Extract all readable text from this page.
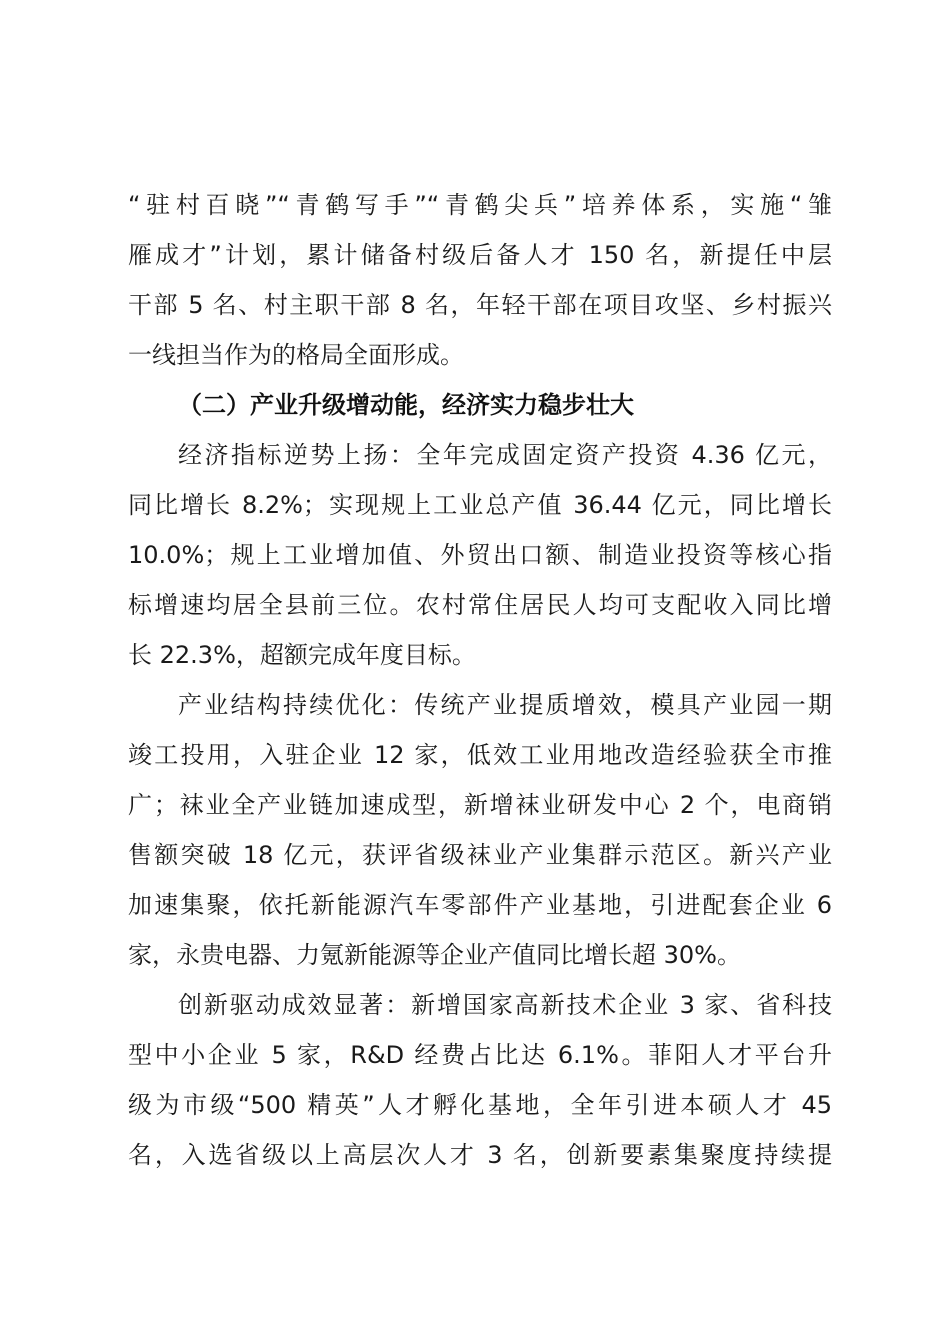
“驻村百晓”“青鹤写手”“青鹤尖兵”培养体系，实施“雏
雁成才”计划，累计储备村级后备人才 150 名，新提任中层
干部 5 名、村主职干部 8 名，年轻干部在项目攻坚、乡村振兴
一线担当作为的格局全面形成。
（二）产业升级增动能，经济实力稳步壮大
经济指标逆势上扬：全年完成固定资产投资 4.36 亿元，
同比增长 8.2%；实现规上工业总产值 36.44 亿元，同比增长
10.0%；规上工业增加值、外贸出口额、制造业投资等核心指
标增速均居全县前三位。农村常住居民人均可支配收入同比增
长 22.3%，超额完成年度目标。
产业结构持续优化：传统产业提质增效，模具产业园一期
竣工投用，入驻企业 12 家，低效工业用地改造经验获全市推
广；袜业全产业链加速成型，新增袜业研发中心 2 个，电商销
售额突破 18 亿元，获评省级袜业产业集群示范区。新兴产业
加速集聚，依托新能源汽车零部件产业基地，引进配套企业 6
家，永贵电器、力氪新能源等企业产值同比增长超 30%。
创新驱动成效显著：新增国家高新技术企业 3 家、省科技
型中小企业 5 家，R&D 经费占比达 6.1%。菲阳人才平台升
级为市级“500 精英”人才孵化基地，全年引进本硕人才 45
名，入选省级以上高层次人才 3 名，创新要素集聚度持续提
